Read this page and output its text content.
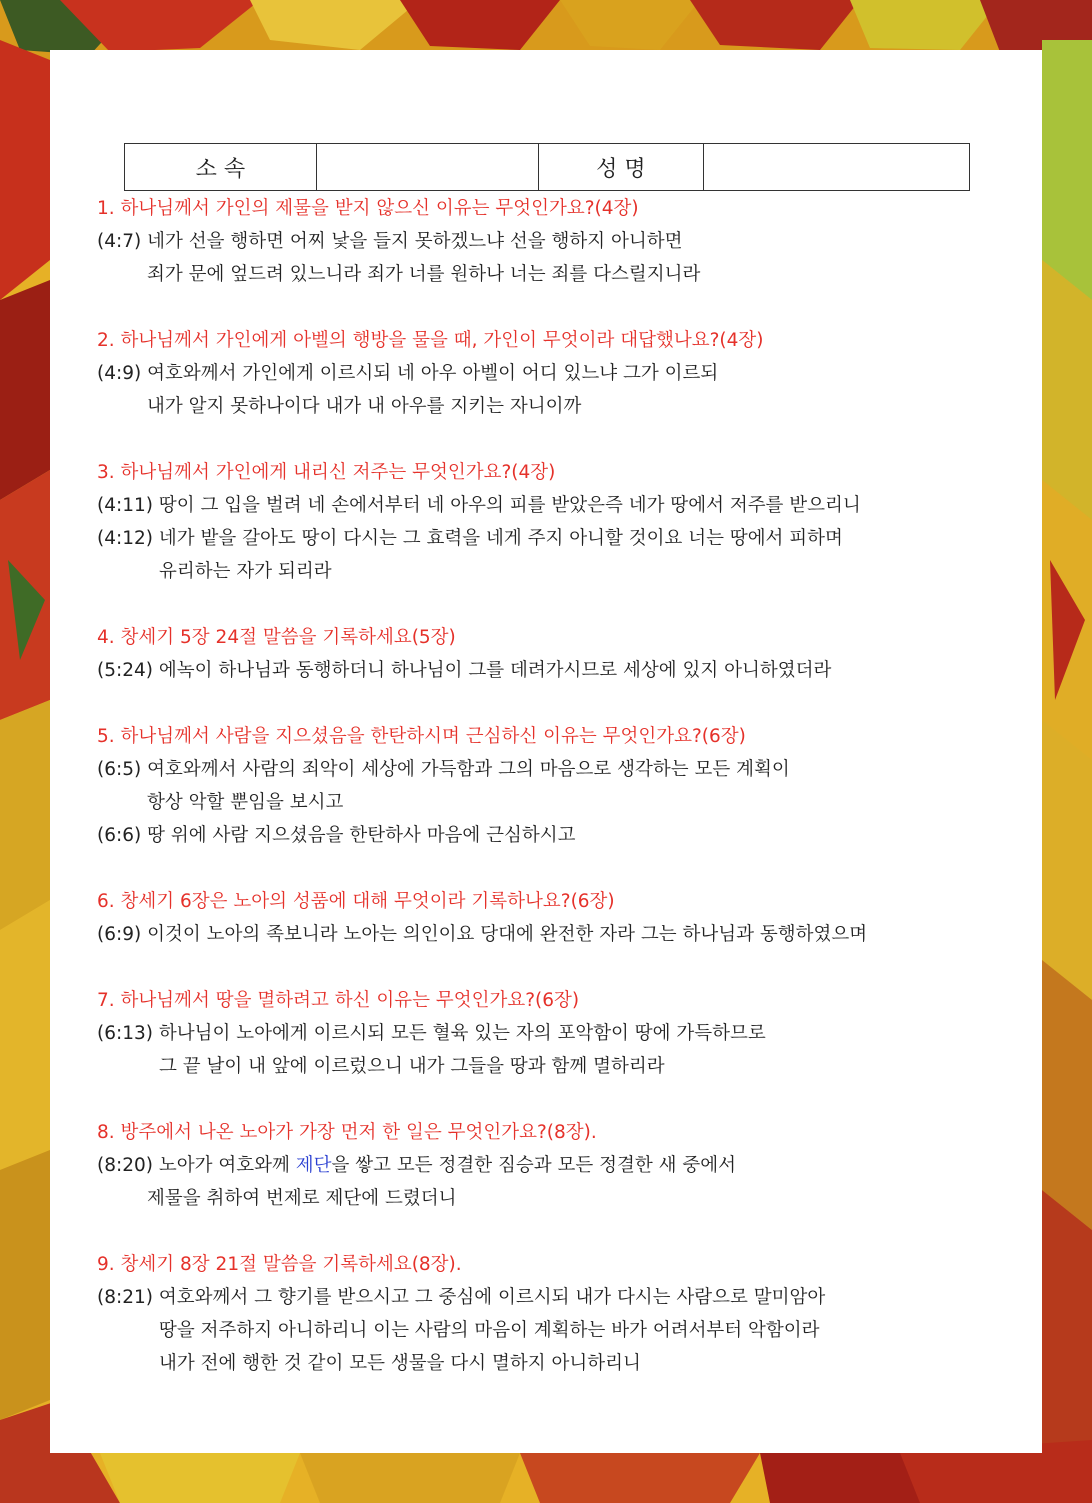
소 속		성 명	
1. 하나님께서 가인의 제물을 받지 않으신 이유는 무엇인가요?(4장)
(4:7) 네가 선을 행하면 어찌 낯을 들지 못하겠느냐 선을 행하지 아니하면
죄가 문에 엎드려 있느니라 죄가 너를 원하나 너는 죄를 다스릴지니라
2. 하나님께서 가인에게 아벨의 행방을 물을 때, 가인이 무엇이라 대답했나요?(4장)
(4:9) 여호와께서 가인에게 이르시되 네 아우 아벨이 어디 있느냐 그가 이르되
내가 알지 못하나이다 내가 내 아우를 지키는 자니이까
3. 하나님께서 가인에게 내리신 저주는 무엇인가요?(4장)
(4:11) 땅이 그 입을 벌려 네 손에서부터 네 아우의 피를 받았은즉 네가 땅에서 저주를 받으리니
(4:12) 네가 밭을 갈아도 땅이 다시는 그 효력을 네게 주지 아니할 것이요 너는 땅에서 피하며
유리하는 자가 되리라
4. 창세기 5장 24절 말씀을 기록하세요(5장)
(5:24) 에녹이 하나님과 동행하더니 하나님이 그를 데려가시므로 세상에 있지 아니하였더라
5. 하나님께서 사람을 지으셨음을 한탄하시며 근심하신 이유는 무엇인가요?(6장)
(6:5) 여호와께서 사람의 죄악이 세상에 가득함과 그의 마음으로 생각하는 모든 계획이
항상 악할 뿐임을 보시고
(6:6) 땅 위에 사람 지으셨음을 한탄하사 마음에 근심하시고
6. 창세기 6장은 노아의 성품에 대해 무엇이라 기록하나요?(6장)
(6:9) 이것이 노아의 족보니라 노아는 의인이요 당대에 완전한 자라 그는 하나님과 동행하였으며
7. 하나님께서 땅을 멸하려고 하신 이유는 무엇인가요?(6장)
(6:13) 하나님이 노아에게 이르시되 모든 혈육 있는 자의 포악함이 땅에 가득하므로
그 끝 날이 내 앞에 이르렀으니 내가 그들을 땅과 함께 멸하리라
8. 방주에서 나온 노아가 가장 먼저 한 일은 무엇인가요?(8장).
(8:20) 노아가 여호와께 제단을 쌓고 모든 정결한 짐승과 모든 정결한 새 중에서
제물을 취하여 번제로 제단에 드렸더니
9. 창세기 8장 21절 말씀을 기록하세요(8장).
(8:21) 여호와께서 그 향기를 받으시고 그 중심에 이르시되 내가 다시는 사람으로 말미암아
땅을 저주하지 아니하리니 이는 사람의 마음이 계획하는 바가 어려서부터 악함이라
내가 전에 행한 것 같이 모든 생물을 다시 멸하지 아니하리니
